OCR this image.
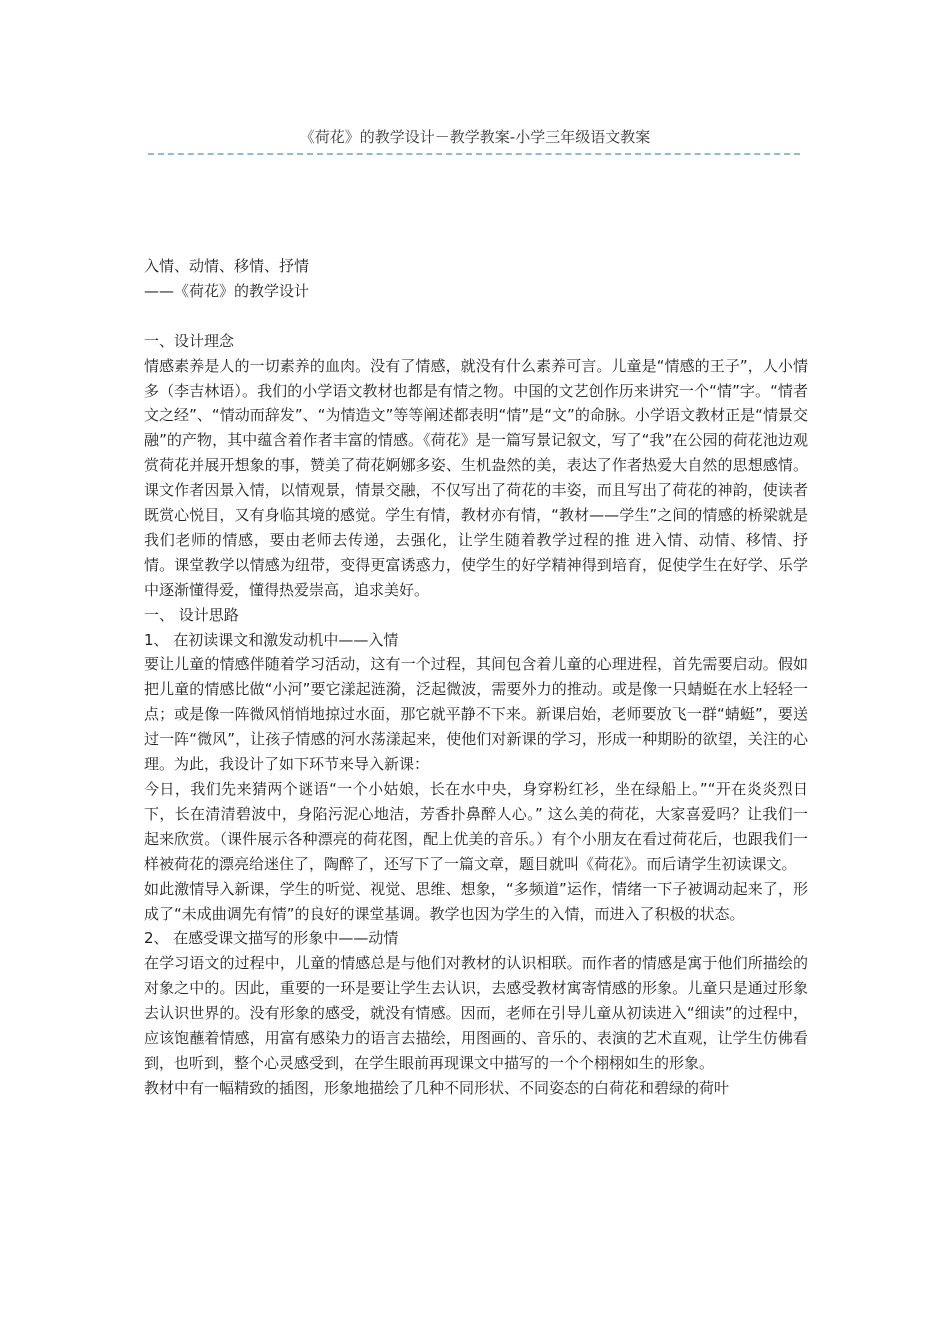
《荷花》的教学设计－教学教案-小学三年级语文教案

入情、动情、移情、抒情

——《荷花》的教学设计

一、设计理念

情感素养是人的一切素养的血肉。没有了情感，就没有什么素养可言。儿童是“情感的王子”，人小情多（李吉林语）。我们的小学语文教材也都是有情之物。中国的文艺创作历来讲究一个“情”字。“情者文之经”、“情动而辞发”、“为情造文”等等阐述都表明“情”是“文”的命脉。小学语文教材正是“情景交融”的产物，其中蕴含着作者丰富的情感。《荷花》是一篇写景记叙文，写了“我”在公园的荷花池边观赏荷花并展开想象的事，赞美了荷花婀娜多姿、生机盎然的美，表达了作者热爱大自然的思想感情。课文作者因景入情，以情观景，情景交融，不仅写出了荷花的丰姿，而且写出了荷花的神韵，使读者既赏心悦目，又有身临其境的感觉。学生有情，教材亦有情，“教材——学生”之间的情感的桥梁就是我们老师的情感，要由老师去传递，去强化，让学生随着教学过程的推 进入情、动情、移情、抒情。课堂教学以情感为纽带，变得更富诱惑力，使学生的好学精神得到培育，促使学生在好学、乐学中逐渐懂得爱，懂得热爱崇高，追求美好。

一、 设计思路

1、 在初读课文和激发动机中——入情

要让儿童的情感伴随着学习活动，这有一个过程，其间包含着儿童的心理进程，首先需要启动。假如把儿童的情感比做“小河”要它漾起涟漪，泛起微波，需要外力的推动。或是像一只蜻蜓在水上轻轻一点；或是像一阵微风悄悄地掠过水面，那它就平静不下来。新课启始，老师要放飞一群“蜻蜓”，要送过一阵“微风”，让孩子情感的河水荡漾起来，使他们对新课的学习，形成一种期盼的欲望，关注的心理。为此，我设计了如下环节来导入新课：

今日，我们先来猜两个谜语“一个小姑娘，长在水中央，身穿粉红衫，坐在绿船上。”“开在炎炎烈日下，长在清清碧波中，身陷污泥心地洁，芳香扑鼻醉人心。” 这么美的荷花，大家喜爱吗？让我们一起来欣赏。（课件展示各种漂亮的荷花图，配上优美的音乐。）有个小朋友在看过荷花后，也跟我们一样被荷花的漂亮给迷住了，陶醉了，还写下了一篇文章，题目就叫《荷花》。而后请学生初读课文。

如此激情导入新课，学生的听觉、视觉、思维、想象，“多频道”运作，情绪一下子被调动起来了，形成了“未成曲调先有情”的良好的课堂基调。教学也因为学生的入情，而进入了积极的状态。

2、 在感受课文描写的形象中——动情

在学习语文的过程中，儿童的情感总是与他们对教材的认识相联。而作者的情感是寓于他们所描绘的对象之中的。因此，重要的一环是要让学生去认识，去感受教材寓寄情感的形象。儿童只是通过形象去认识世界的。没有形象的感受，就没有情感。因而，老师在引导儿童从初读进入“细读”的过程中，应该饱蘸着情感，用富有感染力的语言去描绘，用图画的、音乐的、表演的艺术直观，让学生仿佛看到，也听到，整个心灵感受到，在学生眼前再现课文中描写的一个个栩栩如生的形象。

教材中有一幅精致的插图，形象地描绘了几种不同形状、不同姿态的白荷花和碧绿的荷叶
